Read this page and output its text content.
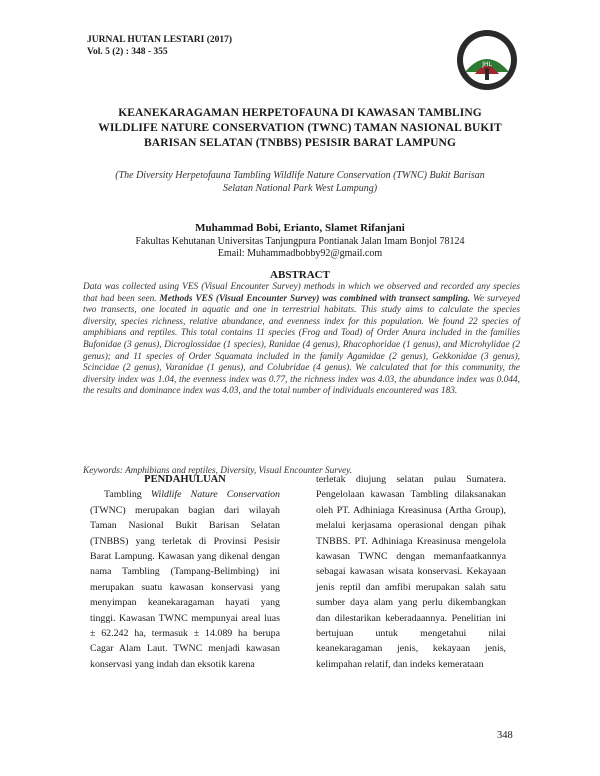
JURNAL HUTAN LESTARI (2017)
Vol. 5 (2) : 348 - 355
JHL
KEANEKARAGAMAN HERPETOFAUNA DI KAWASAN TAMBLING
WILDLIFE NATURE CONSERVATION (TWNC) TAMAN NASIONAL BUKIT
BARISAN SELATAN (TNBBS) PESISIR BARAT LAMPUNG
(The Diversity Herpetofauna Tambling Wildlife Nature Conservation (TWNC) Bukit Barisan
Selatan National Park West Lampung)
Muhammad Bobi, Erianto, Slamet Rifanjani
Fakultas Kehutanan Universitas Tanjungpura Pontianak Jalan Imam Bonjol 78124
Email: Muhammadbobby92@gmail.com
ABSTRACT
Data was collected using VES (Visual Encounter Survey) methods in which we observed and recorded any species that had been seen. Methods VES (Visual Encounter Survey) was combined with transect sampling. We surveyed two transects, one located in aquatic and one in terrestrial habitats. This study aims to calculate the species diversity, species richness, relative abundance, and evenness index for this population. We found 22 species of amphibians and reptiles. This total contains 11 species (Frog and Toad) of Order Anura included in the families Bufonidae (3 genus), Dicroglossidae (1 species), Ranidae (4 genus), Rhacophoridae (1 genus), and Microhylidae (2 genus); and 11 species of Order Squamata included in the family Agamidae (2 genus), Gekkonidae (3 genus), Scincidae (2 genus), Varanidae (1 genus), and Colubridae (4 genus). We calculated that for this community, the diversity index was 1.04, the evenness index was 0.77, the richness index was 4.03, the abundance index was 0.044, the results and dominance index was 4.03, and the total number of individuals encountered was 183.
Keywords: Amphibians and reptiles, Diversity, Visual Encounter Survey.
PENDAHULUAN

Tambling Wildlife Nature Conservation (TWNC) merupakan bagian dari wilayah Taman Nasional Bukit Barisan Selatan (TNBBS) yang terletak di Provinsi Pesisir Barat Lampung. Kawasan yang dikenal dengan nama Tambling (Tampang-Belimbing) ini merupakan suatu kawasan konservasi yang menyimpan keanekaragaman hayati yang tinggi. Kawasan TWNC mempunyai areal luas ± 62.242 ha, termasuk ± 14.089 ha berupa Cagar Alam Laut. TWNC menjadi kawasan konservasi yang indah dan eksotik karena

terletak diujung selatan pulau Sumatera. Pengelolaan kawasan Tambling dilaksanakan oleh PT. Adhiniaga Kreasinusa (Artha Group), melalui kerjasama operasional dengan pihak TNBBS. PT. Adhiniaga Kreasinusa mengelola kawasan TWNC dengan memanfaatkannya sebagai kawasan wisata konservasi. Kekayaan jenis reptil dan amfibi merupakan salah satu sumber daya alam yang perlu dikembangkan dan dilestarikan keberadaannya. Penelitian ini bertujuan untuk mengetahui nilai keanekaragaman jenis, kekayaan jenis, kelimpahan relatif, dan indeks kemerataan

348
